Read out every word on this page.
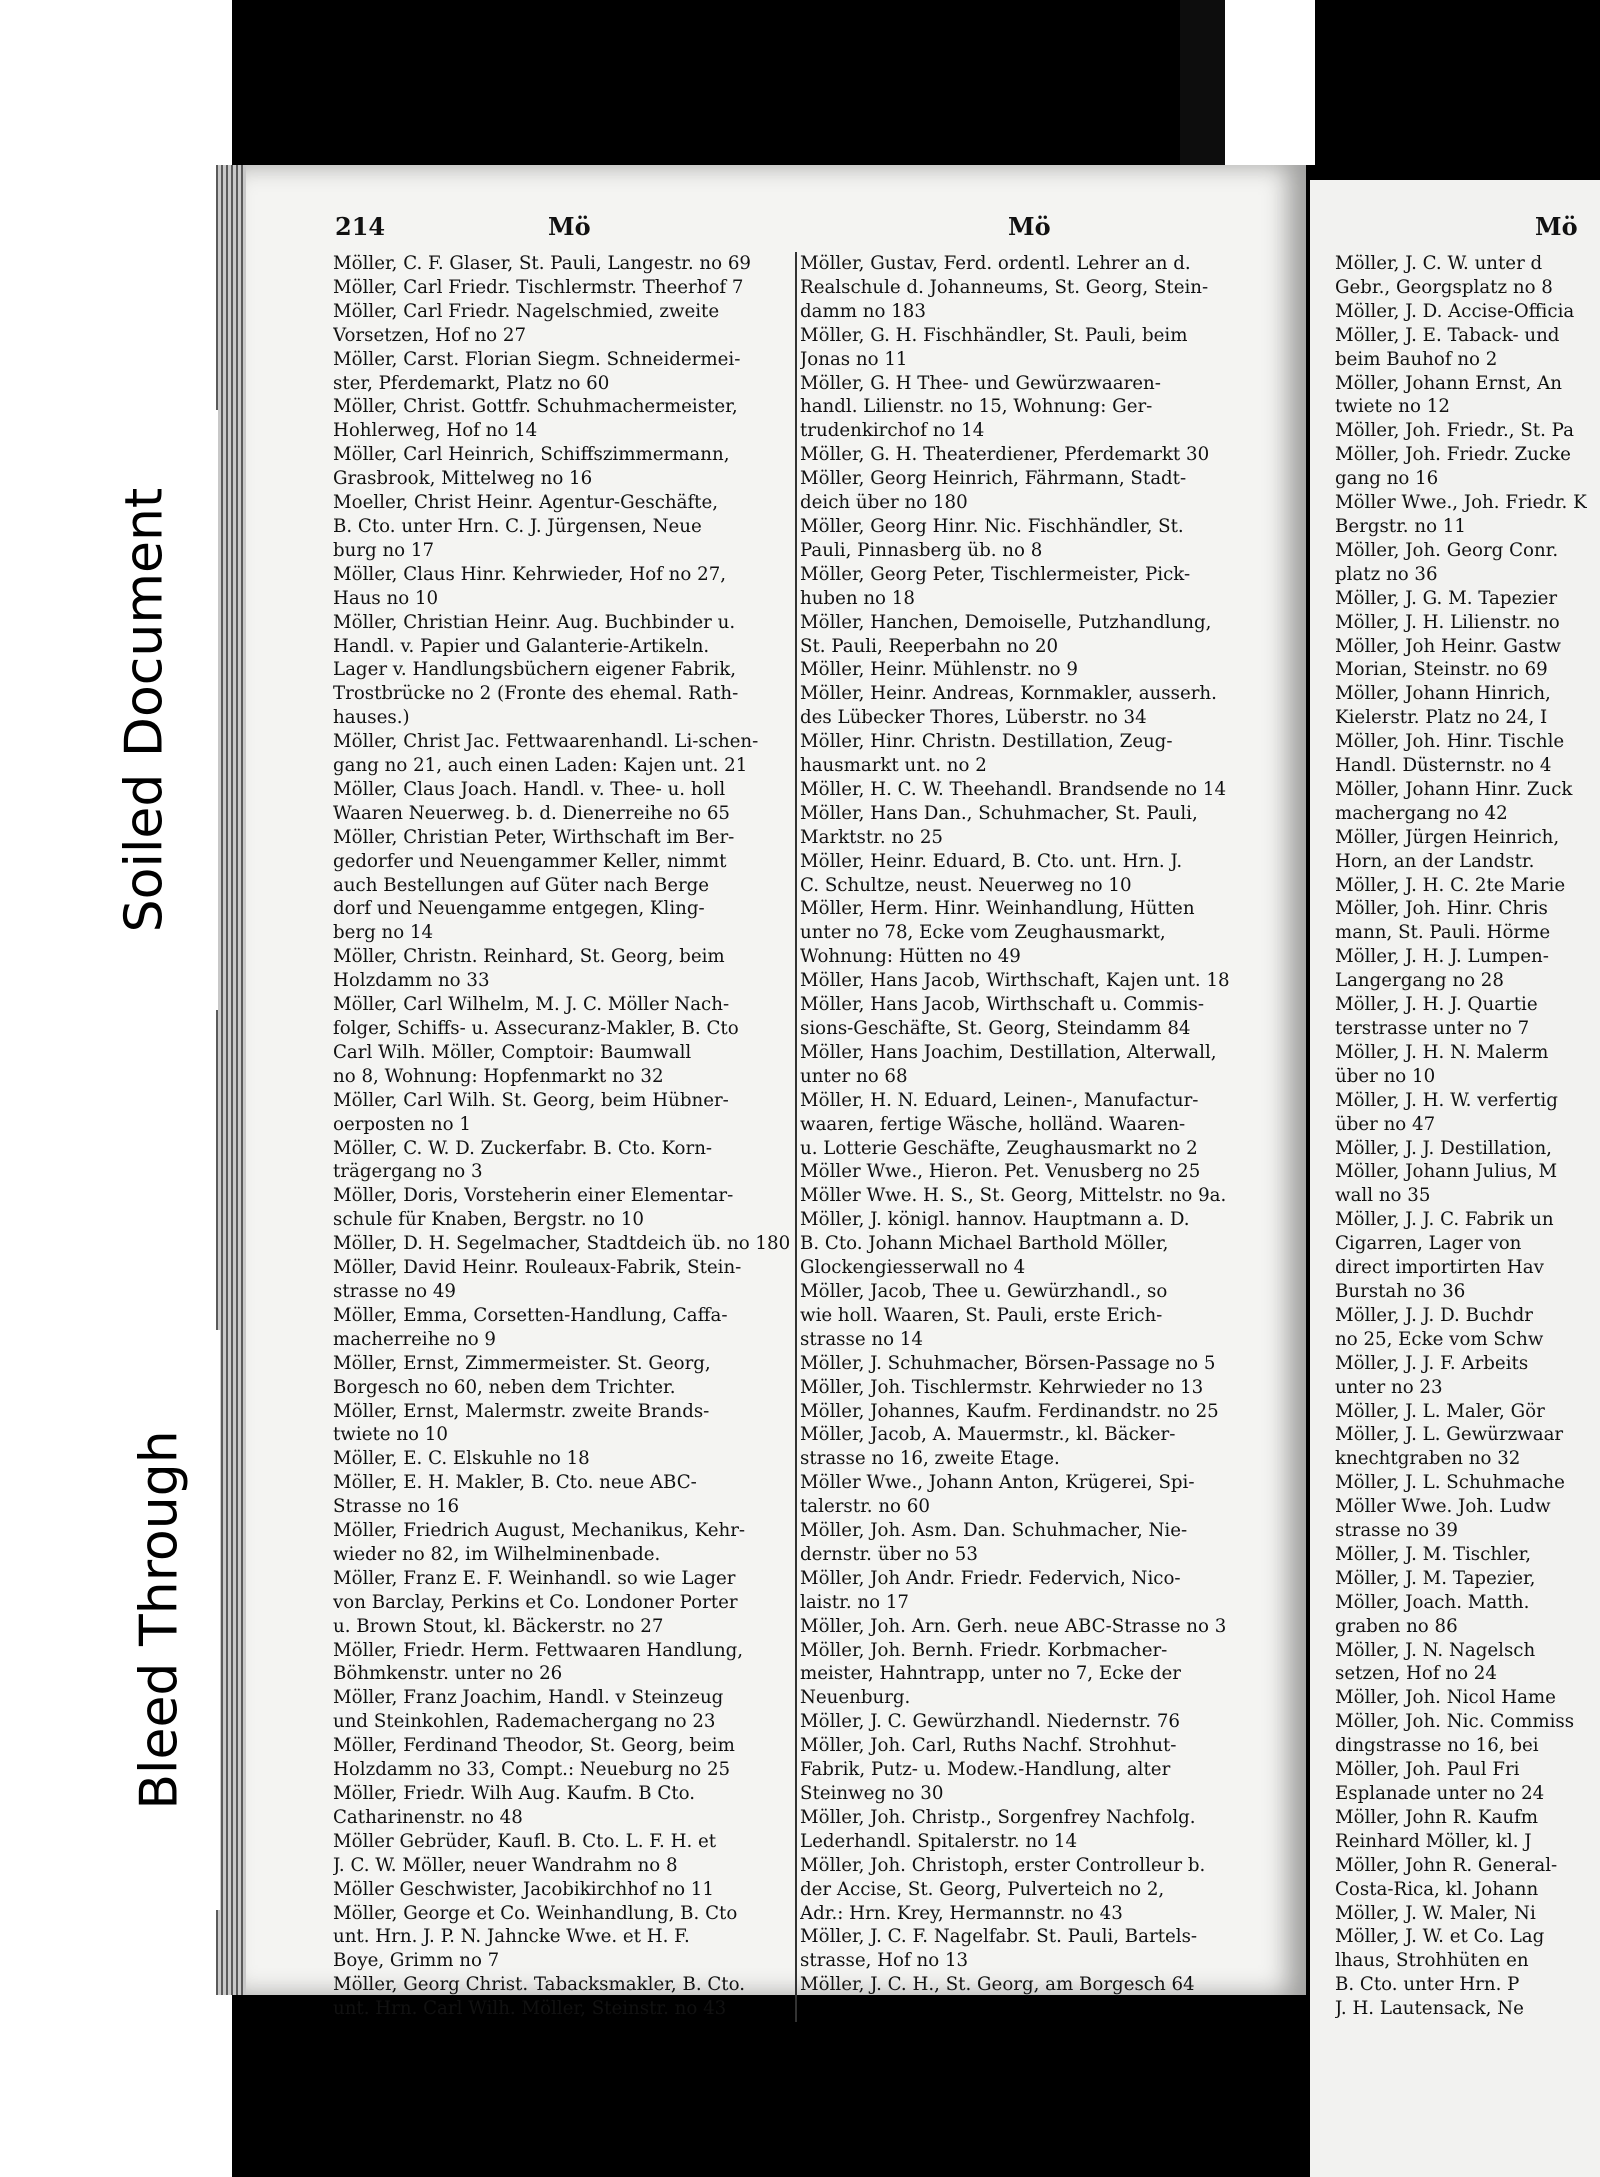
Soiled Document
Bleed Through
214	Mö	Mö	Mö
Möller, C. F. Glaser, St. Pauli, Langestr. no 69
Möller, Carl Friedr. Tischlermstr. Theerhof 7
Möller, Carl Friedr. Nagelschmied, zweite
Vorsetzen, Hof no 27
Möller, Carst. Florian Siegm. Schneidermei-
ster, Pferdemarkt, Platz no 60
Möller, Christ. Gottfr. Schuhmachermeister,
Hohlerweg, Hof no 14
Möller, Carl Heinrich, Schiffszimmermann,
Grasbrook, Mittelweg no 16
Moeller, Christ Heinr. Agentur-Geschäfte,
B. Cto. unter Hrn. C. J. Jürgensen, Neue
burg no 17
Möller, Claus Hinr. Kehrwieder, Hof no 27,
Haus no 10
Möller, Christian Heinr. Aug. Buchbinder u.
Handl. v. Papier und Galanterie-Artikeln.
Lager v. Handlungsbüchern eigener Fabrik,
Trostbrücke no 2 (Fronte des ehemal. Rath-
hauses.)
Möller, Christ Jac. Fettwaarenhandl. Li-schen-
gang no 21, auch einen Laden: Kajen unt. 21
Möller, Claus Joach. Handl. v. Thee- u. holl
Waaren Neuerweg. b. d. Dienerreihe no 65
Möller, Christian Peter, Wirthschaft im Ber-
gedorfer und Neuengammer Keller, nimmt
auch Bestellungen auf Güter nach Berge
dorf und Neuengamme entgegen, Kling-
berg no 14
Möller, Christn. Reinhard, St. Georg, beim
Holzdamm no 33
Möller, Carl Wilhelm, M. J. C. Möller Nach-
folger, Schiffs- u. Assecuranz-Makler, B. Cto
Carl Wilh. Möller, Comptoir: Baumwall
no 8, Wohnung: Hopfenmarkt no 32
Möller, Carl Wilh. St. Georg, beim Hübner-
oerposten no 1
Möller, C. W. D. Zuckerfabr. B. Cto. Korn-
trägergang no 3
Möller, Doris, Vorsteherin einer Elementar-
schule für Knaben, Bergstr. no 10
Möller, D. H. Segelmacher, Stadtdeich üb. no 180
Möller, David Heinr. Rouleaux-Fabrik, Stein-
strasse no 49
Möller, Emma, Corsetten-Handlung, Caffa-
macherreihe no 9
Möller, Ernst, Zimmermeister. St. Georg,
Borgesch no 60, neben dem Trichter.
Möller, Ernst, Malermstr. zweite Brands-
twiete no 10
Möller, E. C. Elskuhle no 18
Möller, E. H. Makler, B. Cto. neue ABC-
Strasse no 16
Möller, Friedrich August, Mechanikus, Kehr-
wieder no 82, im Wilhelminenbade.
Möller, Franz E. F. Weinhandl. so wie Lager
von Barclay, Perkins et Co. Londoner Porter
u. Brown Stout, kl. Bäckerstr. no 27
Möller, Friedr. Herm. Fettwaaren Handlung,
Böhmkenstr. unter no 26
Möller, Franz Joachim, Handl. v Steinzeug
und Steinkohlen, Rademachergang no 23
Möller, Ferdinand Theodor, St. Georg, beim
Holzdamm no 33, Compt.: Neueburg no 25
Möller, Friedr. Wilh Aug. Kaufm. B Cto.
Catharinenstr. no 48
Möller Gebrüder, Kaufl. B. Cto. L. F. H. et
J. C. W. Möller, neuer Wandrahm no 8
Möller Geschwister, Jacobikirchhof no 11
Möller, George et Co. Weinhandlung, B. Cto
unt. Hrn. J. P. N. Jahncke Wwe. et H. F.
Boye, Grimm no 7
Möller, Georg Christ. Tabacksmakler, B. Cto.
unt. Hrn. Carl Wilh. Möller, Steinstr. no 43
Möller, Gustav, Ferd. ordentl. Lehrer an d.
Realschule d. Johanneums, St. Georg, Stein-
damm no 183
Möller, G. H. Fischhändler, St. Pauli, beim
Jonas no 11
Möller, G. H Thee- und Gewürzwaaren-
handl. Lilienstr. no 15, Wohnung: Ger-
trudenkirchof no 14
Möller, G. H. Theaterdiener, Pferdemarkt 30
Möller, Georg Heinrich, Fährmann, Stadt-
deich über no 180
Möller, Georg Hinr. Nic. Fischhändler, St.
Pauli, Pinnasberg üb. no 8
Möller, Georg Peter, Tischlermeister, Pick-
huben no 18
Möller, Hanchen, Demoiselle, Putzhandlung,
St. Pauli, Reeperbahn no 20
Möller, Heinr. Mühlenstr. no 9
Möller, Heinr. Andreas, Kornmakler, ausserh.
des Lübecker Thores, Lüberstr. no 34
Möller, Hinr. Christn. Destillation, Zeug-
hausmarkt unt. no 2
Möller, H. C. W. Theehandl. Brandsende no 14
Möller, Hans Dan., Schuhmacher, St. Pauli,
Marktstr. no 25
Möller, Heinr. Eduard, B. Cto. unt. Hrn. J.
C. Schultze, neust. Neuerweg no 10
Möller, Herm. Hinr. Weinhandlung, Hütten
unter no 78, Ecke vom Zeughausmarkt,
Wohnung: Hütten no 49
Möller, Hans Jacob, Wirthschaft, Kajen unt. 18
Möller, Hans Jacob, Wirthschaft u. Commis-
sions-Geschäfte, St. Georg, Steindamm 84
Möller, Hans Joachim, Destillation, Alterwall,
unter no 68
Möller, H. N. Eduard, Leinen-, Manufactur-
waaren, fertige Wäsche, holländ. Waaren-
u. Lotterie Geschäfte, Zeughausmarkt no 2
Möller Wwe., Hieron. Pet. Venusberg no 25
Möller Wwe. H. S., St. Georg, Mittelstr. no 9a.
Möller, J. königl. hannov. Hauptmann a. D.
B. Cto. Johann Michael Barthold Möller,
Glockengiesserwall no 4
Möller, Jacob, Thee u. Gewürzhandl., so
wie holl. Waaren, St. Pauli, erste Erich-
strasse no 14
Möller, J. Schuhmacher, Börsen-Passage no 5
Möller, Joh. Tischlermstr. Kehrwieder no 13
Möller, Johannes, Kaufm. Ferdinandstr. no 25
Möller, Jacob, A. Mauermstr., kl. Bäcker-
strasse no 16, zweite Etage.
Möller Wwe., Johann Anton, Krügerei, Spi-
talerstr. no 60
Möller, Joh. Asm. Dan. Schuhmacher, Nie-
dernstr. über no 53
Möller, Joh Andr. Friedr. Federvich, Nico-
laistr. no 17
Möller, Joh. Arn. Gerh. neue ABC-Strasse no 3
Möller, Joh. Bernh. Friedr. Korbmacher-
meister, Hahntrapp, unter no 7, Ecke der
Neuenburg.
Möller, J. C. Gewürzhandl. Niedernstr. 76
Möller, Joh. Carl, Ruths Nachf. Strohhut-
Fabrik, Putz- u. Modew.-Handlung, alter
Steinweg no 30
Möller, Joh. Christp., Sorgenfrey Nachfolg.
Lederhandl. Spitalerstr. no 14
Möller, Joh. Christoph, erster Controlleur b.
der Accise, St. Georg, Pulverteich no 2,
Adr.: Hrn. Krey, Hermannstr. no 43
Möller, J. C. F. Nagelfabr. St. Pauli, Bartels-
strasse, Hof no 13
Möller, J. C. H., St. Georg, am Borgesch 64
Möller, J. C. W. unter d
Gebr., Georgsplatz no 8
Möller, J. D. Accise-Officia
Möller, J. E. Taback- und
beim Bauhof no 2
Möller, Johann Ernst, An
twiete no 12
Möller, Joh. Friedr., St. Pa
Möller, Joh. Friedr. Zucke
gang no 16
Möller Wwe., Joh. Friedr. K
Bergstr. no 11
Möller, Joh. Georg Conr.
platz no 36
Möller, J. G. M. Tapezier
Möller, J. H. Lilienstr. no
Möller, Joh Heinr. Gastw
Morian, Steinstr. no 69
Möller, Johann Hinrich,
Kielerstr. Platz no 24, I
Möller, Joh. Hinr. Tischle
Handl. Düsternstr. no 4
Möller, Johann Hinr. Zuck
machergang no 42
Möller, Jürgen Heinrich,
Horn, an der Landstr.
Möller, J. H. C. 2te Marie
Möller, Joh. Hinr. Chris
mann, St. Pauli. Hörme
Möller, J. H. J. Lumpen-
Langergang no 28
Möller, J. H. J. Quartie
terstrasse unter no 7
Möller, J. H. N. Malerm
über no 10
Möller, J. H. W. verfertig
über no 47
Möller, J. J. Destillation,
Möller, Johann Julius, M
wall no 35
Möller, J. J. C. Fabrik un
Cigarren, Lager von
direct importirten Hav
Burstah no 36
Möller, J. J. D. Buchdr
no 25, Ecke vom Schw
Möller, J. J. F. Arbeits
unter no 23
Möller, J. L. Maler, Gör
Möller, J. L. Gewürzwaar
knechtgraben no 32
Möller, J. L. Schuhmache
Möller Wwe. Joh. Ludw
strasse no 39
Möller, J. M. Tischler,
Möller, J. M. Tapezier,
Möller, Joach. Matth.
graben no 86
Möller, J. N. Nagelsch
setzen, Hof no 24
Möller, Joh. Nicol Hame
Möller, Joh. Nic. Commiss
dingstrasse no 16, bei
Möller, Joh. Paul Fri
Esplanade unter no 24
Möller, John R. Kaufm
Reinhard Möller, kl. J
Möller, John R. General-
Costa-Rica, kl. Johann
Möller, J. W. Maler, Ni
Möller, J. W. et Co. Lag
lhaus, Strohhüten en
B. Cto. unter Hrn. P
J. H. Lautensack, Ne
